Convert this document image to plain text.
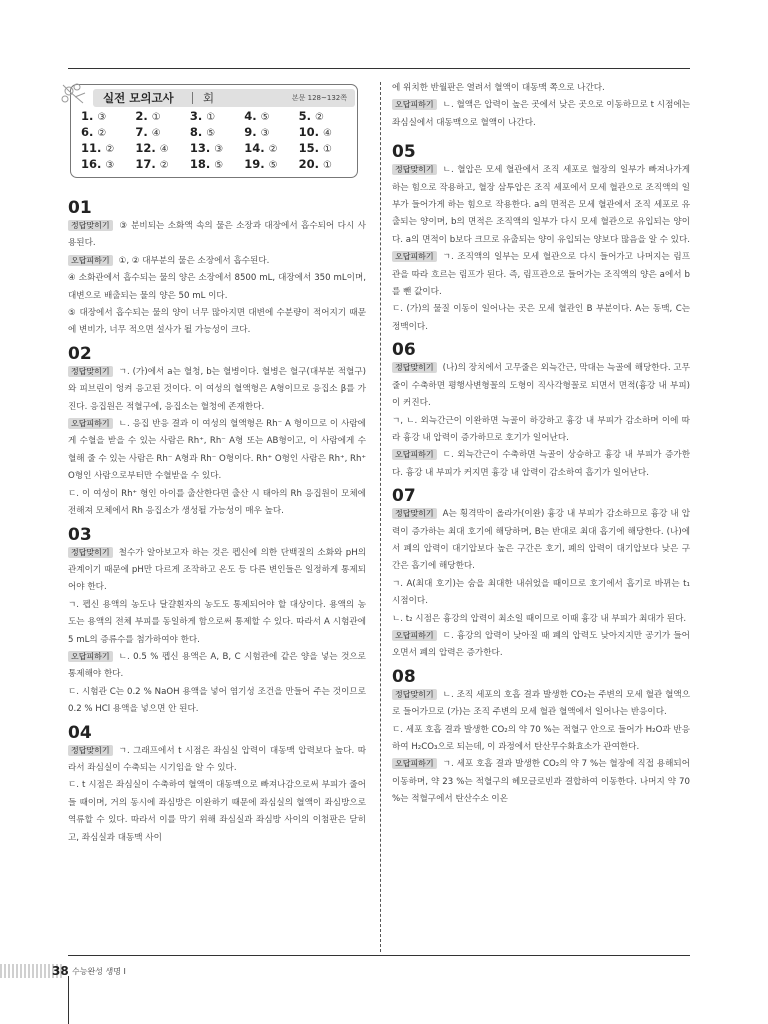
실전 모의고사	회	본문 128~132쪽
1. ③	2. ①	3. ①	4. ⑤	5. ②
6. ②	7. ④	8. ⑤	9. ③	10. ④
11. ②	12. ④	13. ③	14. ②	15. ①
16. ③	17. ②	18. ⑤	19. ⑤	20. ①

01

정답맞히기 ③ 분비되는 소화액 속의 물은 소장과 대장에서 흡수되어 다시 사용된다.

오답피하기 ①, ② 대부분의 물은 소장에서 흡수된다.

④ 소화관에서 흡수되는 물의 양은 소장에서 8500 mL, 대장에서 350 mL이며, 대변으로 배출되는 물의 양은 50 mL 이다.

⑤ 대장에서 흡수되는 물의 양이 너무 많아지면 대변에 수분량이 적어지기 때문에 변비가, 너무 적으면 설사가 될 가능성이 크다.

02

정답맞히기 ㄱ. (가)에서 a는 혈청, b는 혈병이다. 혈병은 혈구(대부분 적혈구)와 피브린이 엉켜 응고된 것이다. 이 여성의 혈액형은 A형이므로 응집소 β를 가진다. 응집원은 적혈구에, 응집소는 혈청에 존재한다.

오답피하기 ㄴ. 응집 반응 결과 이 여성의 혈액형은 Rh⁻ A 형이므로 이 사람에게 수혈을 받을 수 있는 사람은 Rh⁺, Rh⁻ A형 또는 AB형이고, 이 사람에게 수혈해 줄 수 있는 사람은 Rh⁻ A형과 Rh⁻ O형이다. Rh⁺ O형인 사람은 Rh⁺, Rh⁺ O형인 사람으로부터만 수혈받을 수 있다.

ㄷ. 이 여성이 Rh⁺ 형인 아이를 출산한다면 출산 시 태아의 Rh 응집원이 모체에 전해져 모체에서 Rh 응집소가 생성될 가능성이 매우 높다.

03

정답맞히기 철수가 알아보고자 하는 것은 펩신에 의한 단백질의 소화와 pH의 관계이기 때문에 pH만 다르게 조작하고 온도 등 다른 변인들은 일정하게 통제되어야 한다.

ㄱ. 펩신 용액의 농도나 달걀흰자의 농도도 통제되어야 할 대상이다. 용액의 농도는 용액의 전체 부피를 동일하게 함으로써 통제할 수 있다. 따라서 A 시험관에 5 mL의 증류수를 첨가하여야 한다.

오답피하기 ㄴ. 0.5 % 펩신 용액은 A, B, C 시험관에 같은 양을 넣는 것으로 통제해야 한다.

ㄷ. 시험관 C는 0.2 % NaOH 용액을 넣어 염기성 조건을 만들어 주는 것이므로 0.2 % HCl 용액을 넣으면 안 된다.

04

정답맞히기 ㄱ. 그래프에서 t 시점은 좌심실 압력이 대동맥 압력보다 높다. 따라서 좌심실이 수축되는 시기임을 알 수 있다.

ㄷ. t 시점은 좌심실이 수축하여 혈액이 대동맥으로 빠져나감으로써 부피가 줄어들 때이며, 거의 동시에 좌심방은 이완하기 때문에 좌심실의 혈액이 좌심방으로 역류할 수 있다. 따라서 이를 막기 위해 좌심실과 좌심방 사이의 이첨판은 닫히고, 좌심실과 대동맥 사이

에 위치한 반월판은 열려서 혈액이 대동맥 쪽으로 나간다.

오답피하기 ㄴ. 혈액은 압력이 높은 곳에서 낮은 곳으로 이동하므로 t 시점에는 좌심실에서 대동맥으로 혈액이 나간다.

05

정답맞히기 ㄴ. 혈압은 모세 혈관에서 조직 세포로 혈장의 일부가 빠져나가게 하는 힘으로 작용하고, 혈장 삼투압은 조직 세포에서 모세 혈관으로 조직액의 일부가 들어가게 하는 힘으로 작용한다. a의 면적은 모세 혈관에서 조직 세포로 유출되는 양이며, b의 면적은 조직액의 일부가 다시 모세 혈관으로 유입되는 양이다. a의 면적이 b보다 크므로 유출되는 양이 유입되는 양보다 많음을 알 수 있다.

오답피하기 ㄱ. 조직액의 일부는 모세 혈관으로 다시 들어가고 나머지는 림프관을 따라 흐르는 림프가 된다. 즉, 림프관으로 들어가는 조직액의 양은 a에서 b를 뺀 값이다.

ㄷ. (가)의 물질 이동이 일어나는 곳은 모세 혈관인 B 부분이다. A는 동맥, C는 정맥이다.

06

정답맞히기 (나)의 장치에서 고무줄은 외늑간근, 막대는 늑골에 해당한다. 고무줄이 수축하면 평행사변형꼴의 도형이 직사각형꼴로 되면서 면적(흉강 내 부피)이 커진다.

ㄱ, ㄴ. 외늑간근이 이완하면 늑골이 하강하고 흉강 내 부피가 감소하며 이에 따라 흉강 내 압력이 증가하므로 호기가 일어난다.

오답피하기 ㄷ. 외늑간근이 수축하면 늑골이 상승하고 흉강 내 부피가 증가한다. 흉강 내 부피가 커지면 흉강 내 압력이 감소하여 흡기가 일어난다.

07

정답맞히기 A는 횡격막이 올라가(이완) 흉강 내 부피가 감소하므로 흉강 내 압력이 증가하는 최대 호기에 해당하며, B는 반대로 최대 흡기에 해당한다. (나)에서 폐의 압력이 대기압보다 높은 구간은 호기, 폐의 압력이 대기압보다 낮은 구간은 흡기에 해당한다.

ㄱ. A(최대 호기)는 숨을 최대한 내쉬었을 때이므로 호기에서 흡기로 바뀌는 t₁ 시점이다.

ㄴ. t₂ 시점은 흉강의 압력이 최소일 때이므로 이때 흉강 내 부피가 최대가 된다.

오답피하기 ㄷ. 흉강의 압력이 낮아질 때 폐의 압력도 낮아지지만 공기가 들어오면서 폐의 압력은 증가한다.

08

정답맞히기 ㄴ. 조직 세포의 호흡 결과 발생한 CO₂는 주변의 모세 혈관 혈액으로 들어가므로 (가)는 조직 주변의 모세 혈관 혈액에서 일어나는 반응이다.

ㄷ. 세포 호흡 결과 발생한 CO₂의 약 70 %는 적혈구 안으로 들어가 H₂O과 반응하여 H₂CO₃으로 되는데, 이 과정에서 탄산무수화효소가 관여한다.

오답피하기 ㄱ. 세포 호흡 결과 발생한 CO₂의 약 7 %는 혈장에 직접 용해되어 이동하며, 약 23 %는 적혈구의 헤모글로빈과 결합하여 이동한다. 나머지 약 70 %는 적혈구에서 탄산수소 이온

38 수능완성 생명 Ⅰ
